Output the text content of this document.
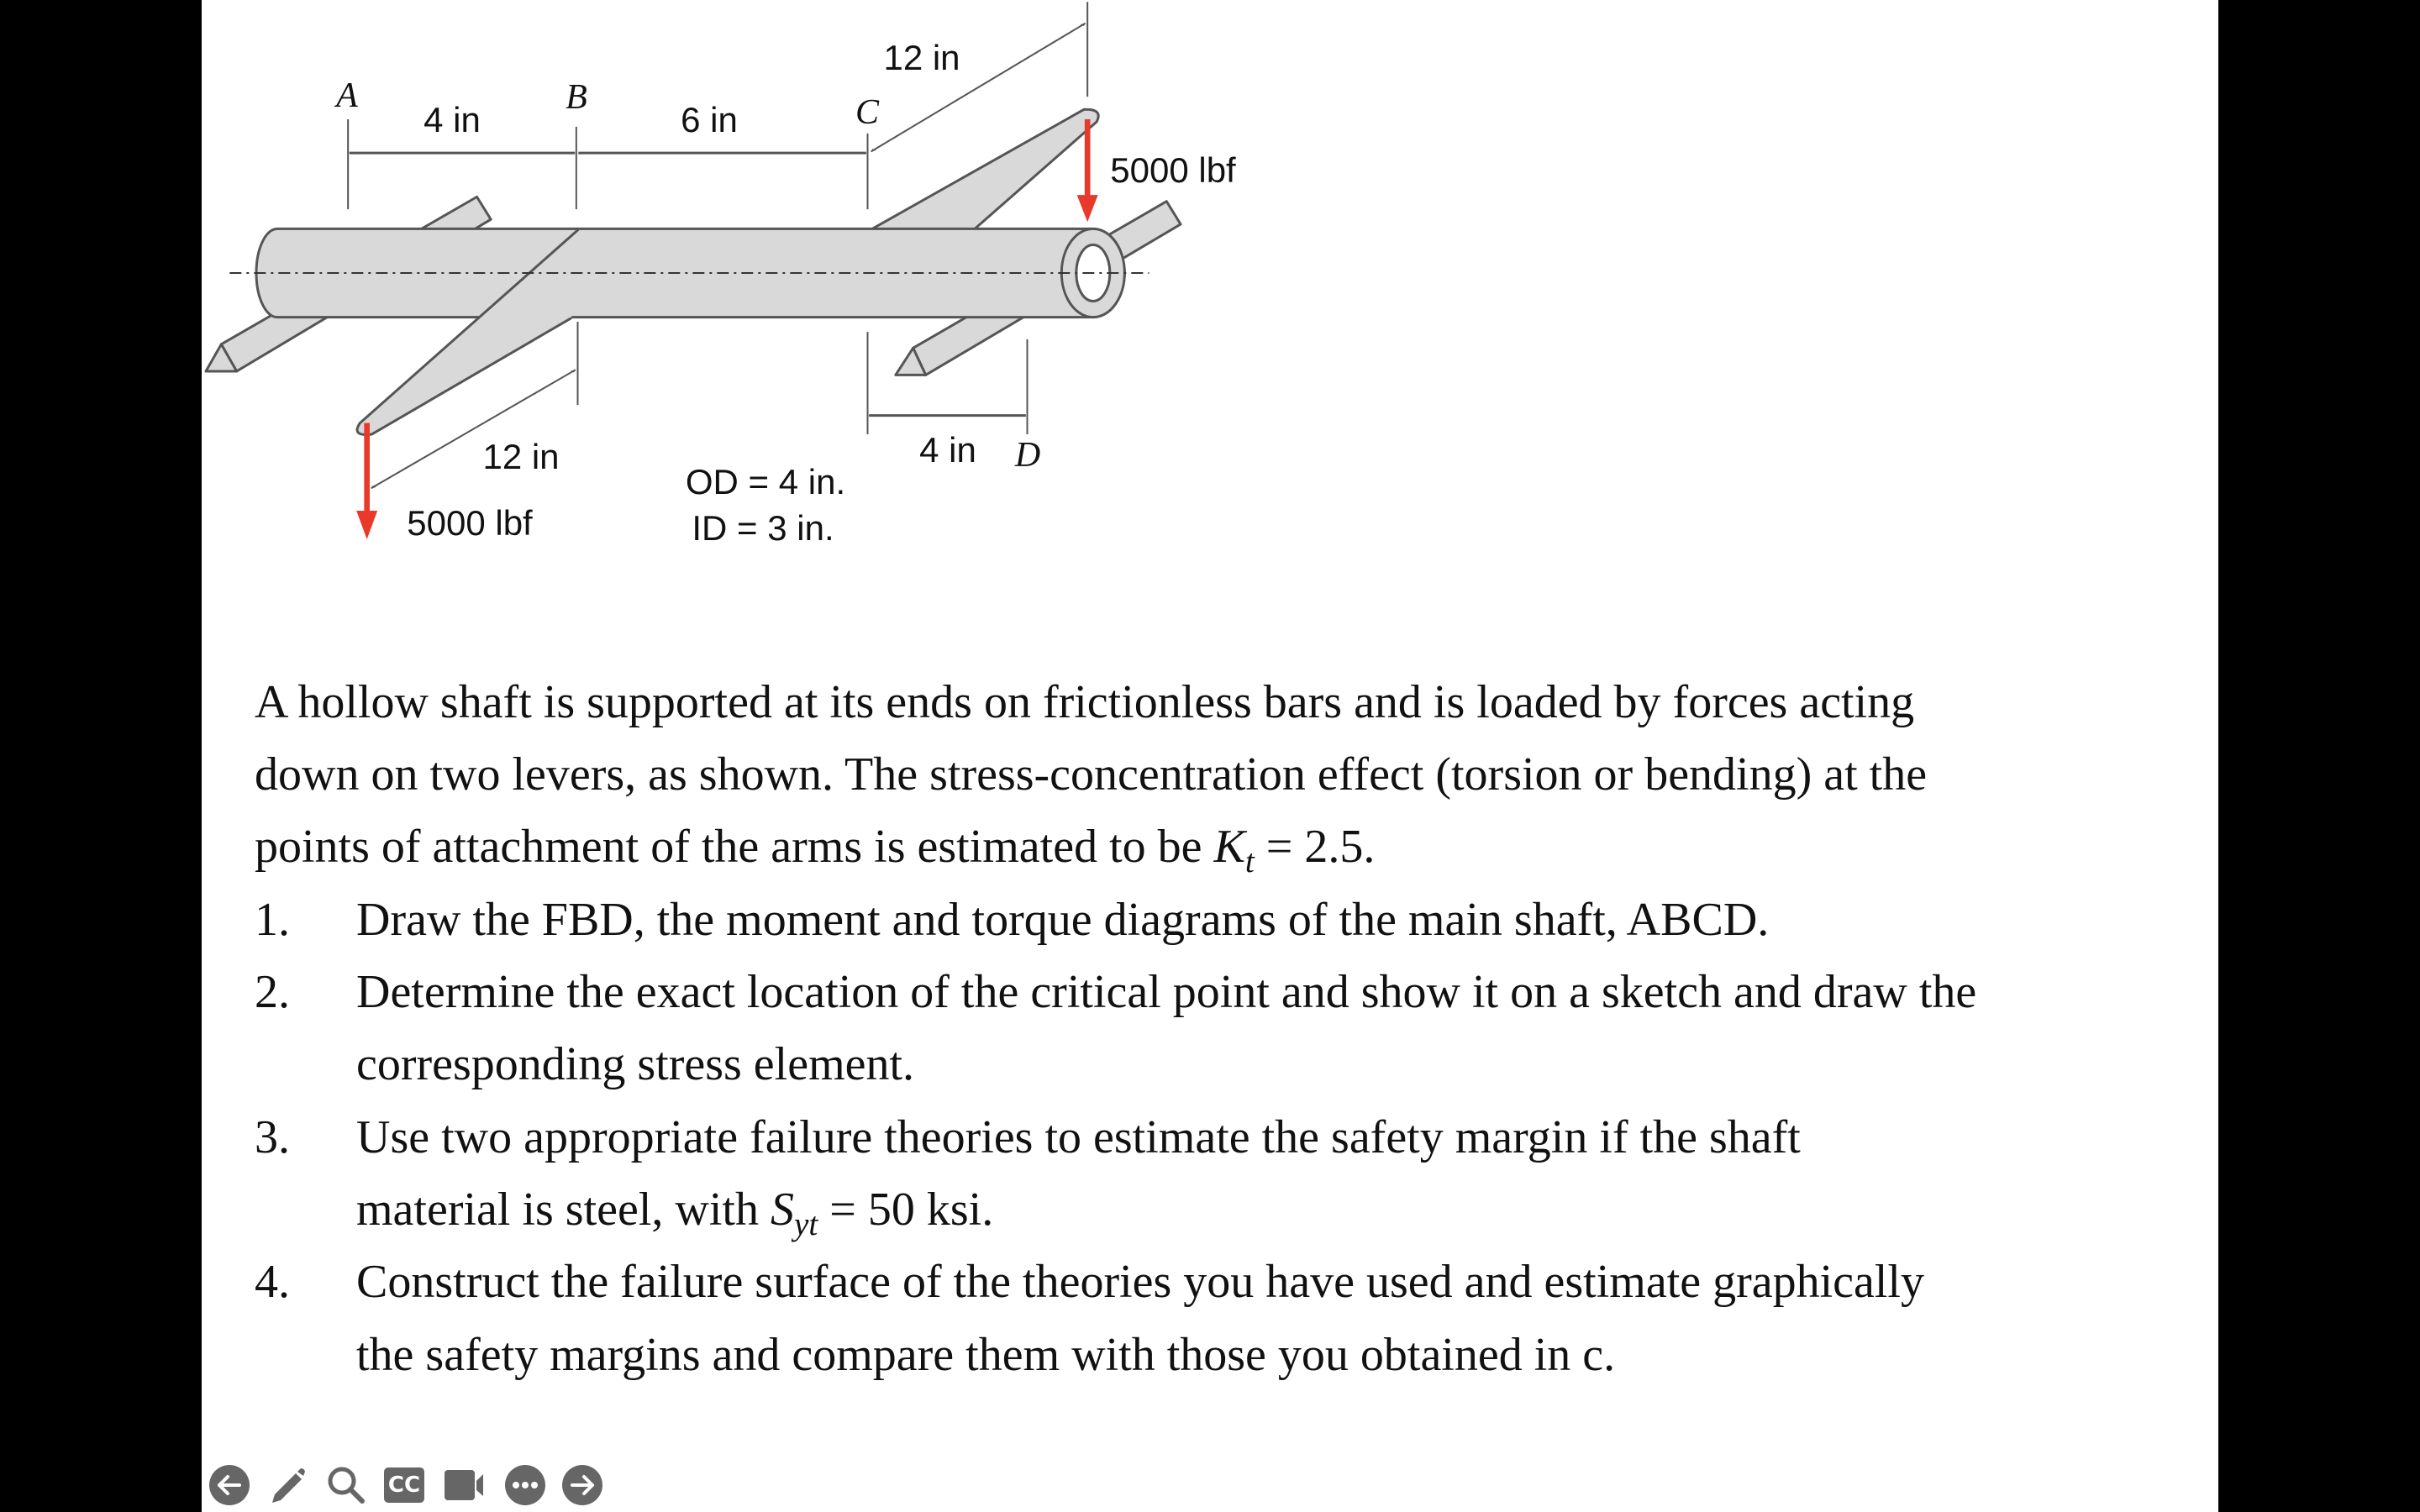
A	B	C
D
4 in	6 in
4 in
12 in
12 in
5000 lbf
5000 lbf
OD = 4 in.
ID = 3 in.
A hollow shaft is supported at its ends on frictionless bars and is loaded by forces acting
down on two levers, as shown. The stress-concentration effect (torsion or bending) at the
points of attachment of the arms is estimated to be $K_t = 2.5$.
1. Draw the FBD, the moment and torque diagrams of the main shaft, ABCD.
2. Determine the exact location of the critical point and show it on a sketch and draw the
corresponding stress element.
3. Use two appropriate failure theories to estimate the safety margin if the shaft
material is steel, with $S_{yt} = 50$ ksi.
4. Construct the failure surface of the theories you have used and estimate graphically
the safety margins and compare them with those you obtained in c.
CC
